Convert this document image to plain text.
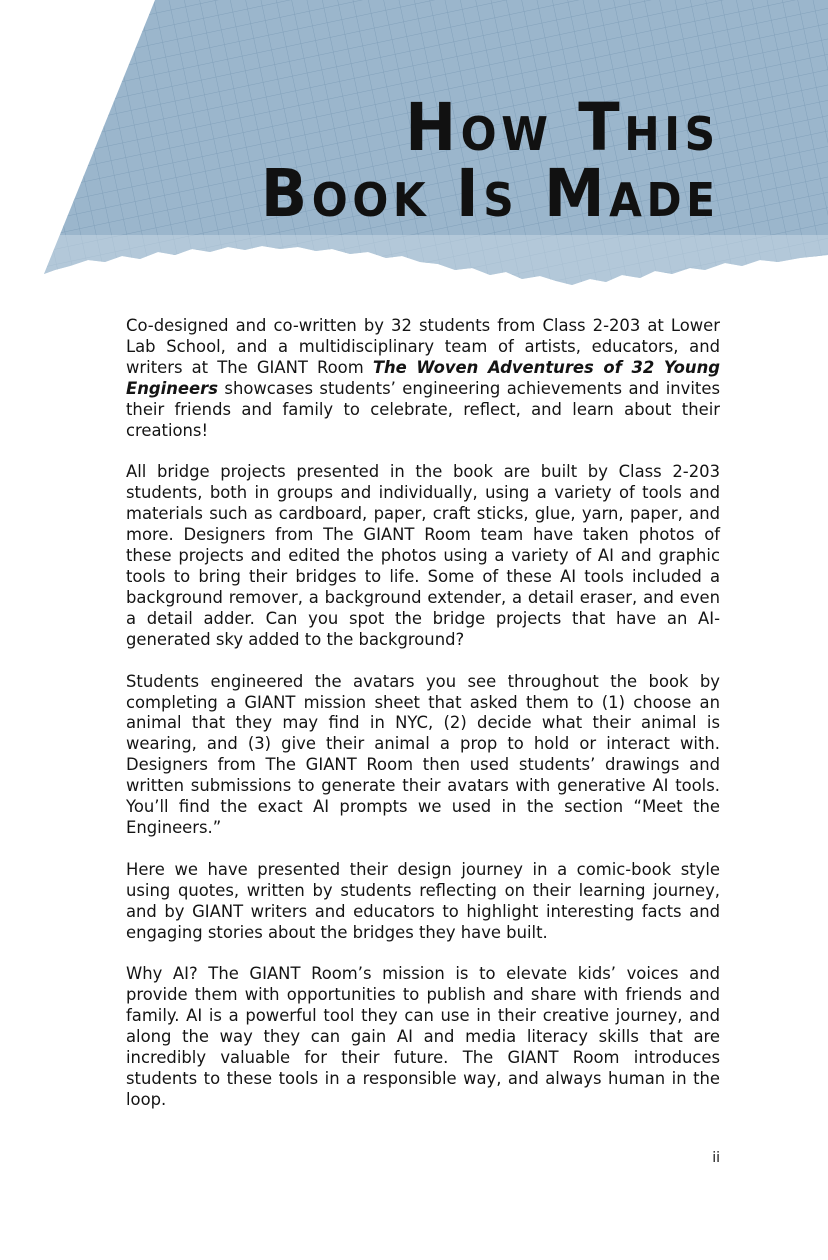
How This
Book Is Made

Co-designed and co-written by 32 students from Class 2-203 at Lower Lab School, and a multidisciplinary team of artists, educators, and writers at The GIANT Room The Woven Adventures of 32 Young Engineers showcases students’ engineering achievements and invites their friends and family to celebrate, reflect, and learn about their creations!

All bridge projects presented in the book are built by Class 2-203 students, both in groups and individually, using a variety of tools and materials such as cardboard, paper, craft sticks, glue, yarn, paper, and more. Designers from The GIANT Room team have taken photos of these projects and edited the photos using a variety of AI and graphic tools to bring their bridges to life. Some of these AI tools included a background remover, a background extender, a detail eraser, and even a detail adder. Can you spot the bridge projects that have an AI-generated sky added to the background?

Students engineered the avatars you see throughout the book by completing a GIANT mission sheet that asked them to (1) choose an animal that they may find in NYC, (2) decide what their animal is wearing, and (3) give their animal a prop to hold or interact with. Designers from The GIANT Room then used students’ drawings and written submissions to generate their avatars with generative AI tools. You’ll find the exact AI prompts we used in the section “Meet the Engineers.”

Here we have presented their design journey in a comic-book style using quotes, written by students reflecting on their learning journey, and by GIANT writers and educators to highlight interesting facts and engaging stories about the bridges they have built.

Why AI? The GIANT Room’s mission is to elevate kids’ voices and provide them with opportunities to publish and share with friends and family. AI is a powerful tool they can use in their creative journey, and along the way they can gain AI and media literacy skills that are incredibly valuable for their future. The GIANT Room introduces students to these tools in a responsible way, and always human in the loop.

ii
